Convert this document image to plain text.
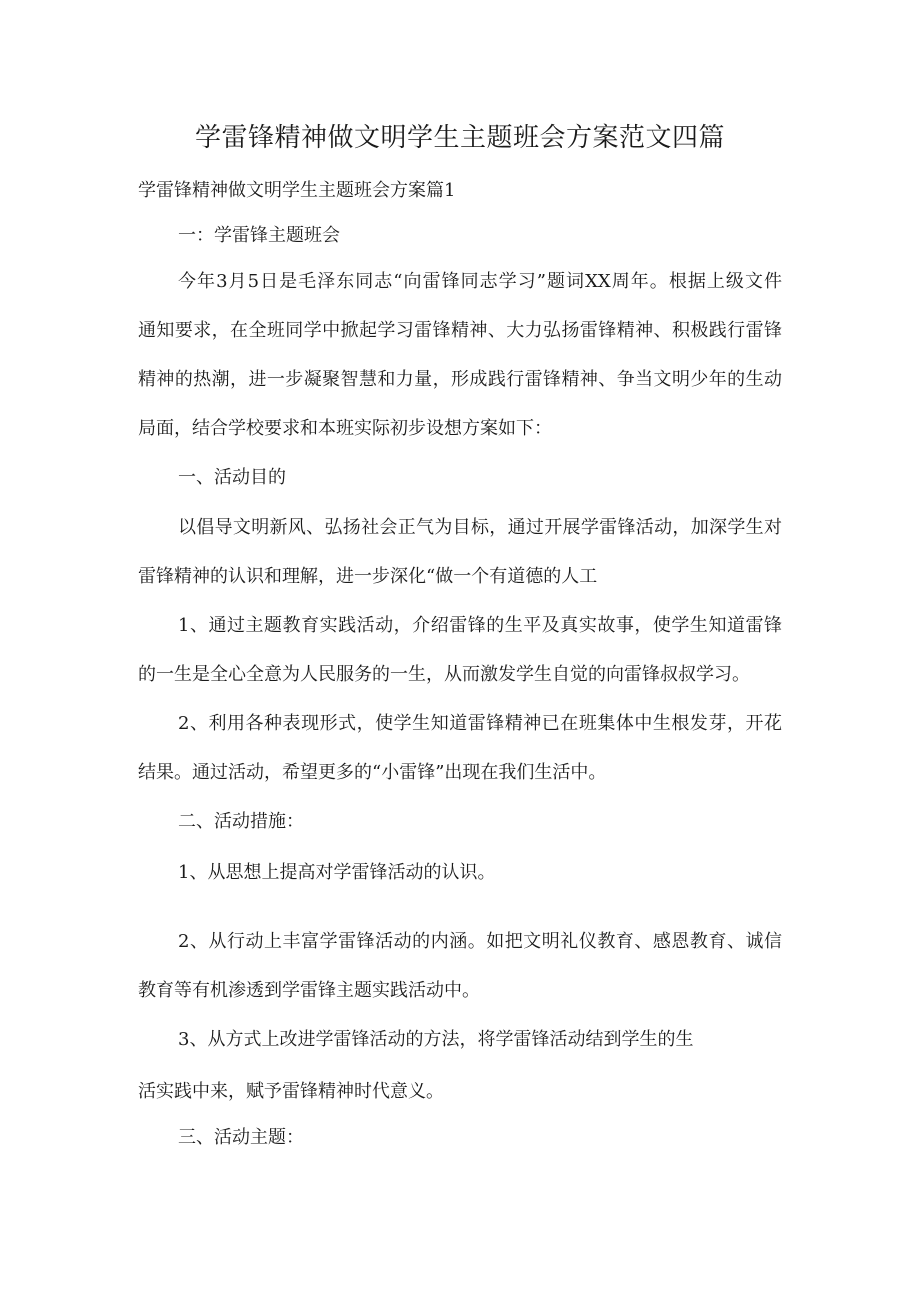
学雷锋精神做文明学生主题班会方案范文四篇
学雷锋精神做文明学生主题班会方案篇1
一：学雷锋主题班会
今年3月5日是毛泽东同志“向雷锋同志学习”题词XX周年。根据上级文件
通知要求，在全班同学中掀起学习雷锋精神、大力弘扬雷锋精神、积极践行雷锋
精神的热潮，进一步凝聚智慧和力量，形成践行雷锋精神、争当文明少年的生动
局面，结合学校要求和本班实际初步设想方案如下：
一、活动目的
以倡导文明新风、弘扬社会正气为目标，通过开展学雷锋活动，加深学生对
雷锋精神的认识和理解，进一步深化“做一个有道德的人工
1、通过主题教育实践活动，介绍雷锋的生平及真实故事，使学生知道雷锋
的一生是全心全意为人民服务的一生，从而激发学生自觉的向雷锋叔叔学习。
2、利用各种表现形式，使学生知道雷锋精神已在班集体中生根发芽，开花
结果。通过活动，希望更多的“小雷锋”出现在我们生活中。
二、活动措施：
1、从思想上提高对学雷锋活动的认识。
2、从行动上丰富学雷锋活动的内涵。如把文明礼仪教育、感恩教育、诚信
教育等有机渗透到学雷锋主题实践活动中。
3、从方式上改进学雷锋活动的方法，将学雷锋活动结到学生的生
活实践中来，赋予雷锋精神时代意义。
三、活动主题：
